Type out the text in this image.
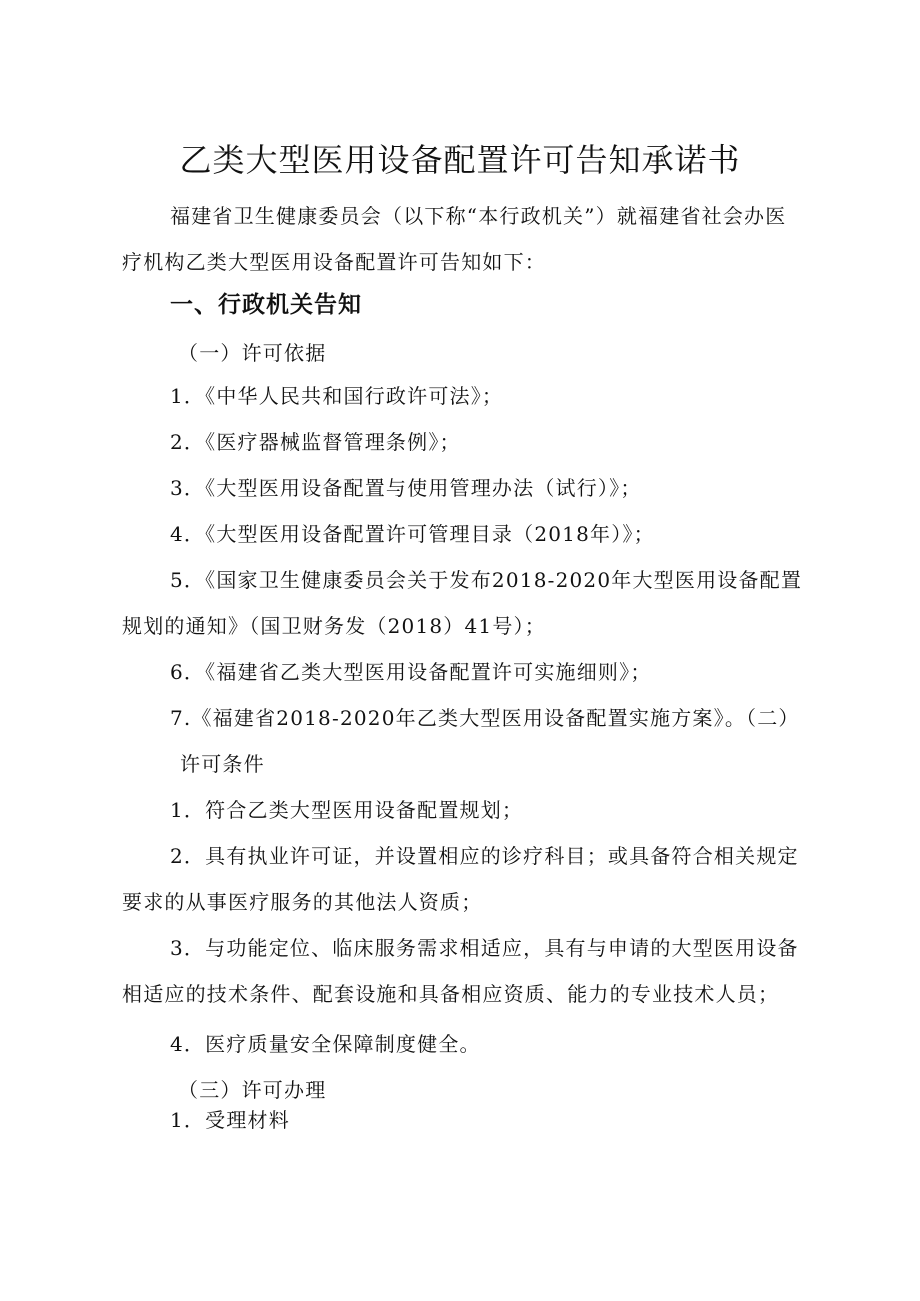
乙类大型医用设备配置许可告知承诺书
福建省卫生健康委员会（以下称“本行政机关”）就福建省社会办医
疗机构乙类大型医用设备配置许可告知如下：
一、行政机关告知
（一）许可依据
1．《中华人民共和国行政许可法》；
2．《医疗器械监督管理条例》；
3．《大型医用设备配置与使用管理办法（试行）》；
4．《大型医用设备配置许可管理目录（2018年）》；
5．《国家卫生健康委员会关于发布2018-2020年大型医用设备配置
规划的通知》（国卫财务发（2018）41号）；
6．《福建省乙类大型医用设备配置许可实施细则》；
7.《福建省2018-2020年乙类大型医用设备配置实施方案》。（二）
许可条件
1．符合乙类大型医用设备配置规划；
2．具有执业许可证，并设置相应的诊疗科目；或具备符合相关规定
要求的从事医疗服务的其他法人资质；
3．与功能定位、临床服务需求相适应，具有与申请的大型医用设备
相适应的技术条件、配套设施和具备相应资质、能力的专业技术人员；
4．医疗质量安全保障制度健全。
（三）许可办理
1．受理材料
